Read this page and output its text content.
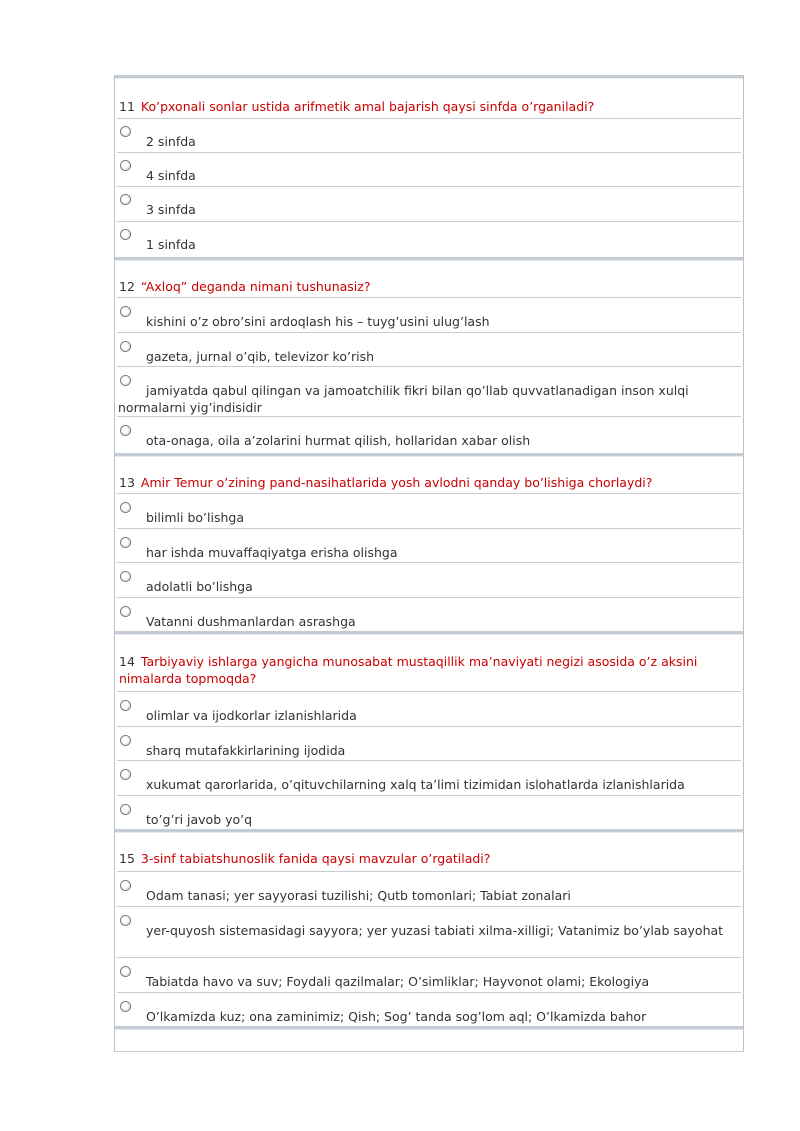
11 Ko’pxonali sonlar ustida arifmetik amal bajarish qaysi sinfda o’rganiladi?
2 sinfda
4 sinfda
3 sinfda
1 sinfda
12 “Axloq” deganda nimani tushunasiz?
kishini o’z obro’sini ardoqlash his – tuyg’usini ulug’lash
gazeta, jurnal o’qib, televizor ko’rish
jamiyatda qabul qilingan va jamoatchilik fikri bilan qo’llab quvvatlanadigan inson xulqi normalarni yig’indisidir
ota-onaga, oila a’zolarini hurmat qilish, hollaridan xabar olish
13 Amir Temur o’zining pand-nasihatlarida yosh avlodni qanday bo’lishiga chorlaydi?
bilimli bo’lishga
har ishda muvaffaqiyatga erisha olishga
adolatli bo’lishga
Vatanni dushmanlardan asrashga
14 Tarbiyaviy ishlarga yangicha munosabat mustaqillik ma’naviyati negizi asosida o’z aksini nimalarda topmoqda?
olimlar va ijodkorlar izlanishlarida
sharq mutafakkirlarining ijodida
xukumat qarorlarida, o’qituvchilarning xalq ta’limi tizimidan islohatlarda izlanishlarida
to’g’ri javob yo’q
15 3-sinf tabiatshunoslik fanida qaysi mavzular o’rgatiladi?
Odam tanasi; yer sayyorasi tuzilishi; Qutb tomonlari; Tabiat zonalari
yer-quyosh sistemasidagi sayyora; yer yuzasi tabiati xilma-xilligi; Vatanimiz bo’ylab sayohat
Tabiatda havo va suv; Foydali qazilmalar; O’simliklar; Hayvonot olami; Ekologiya
O’lkamizda kuz; ona zaminimiz; Qish; Sog’ tanda sog’lom aql; O’lkamizda bahor
